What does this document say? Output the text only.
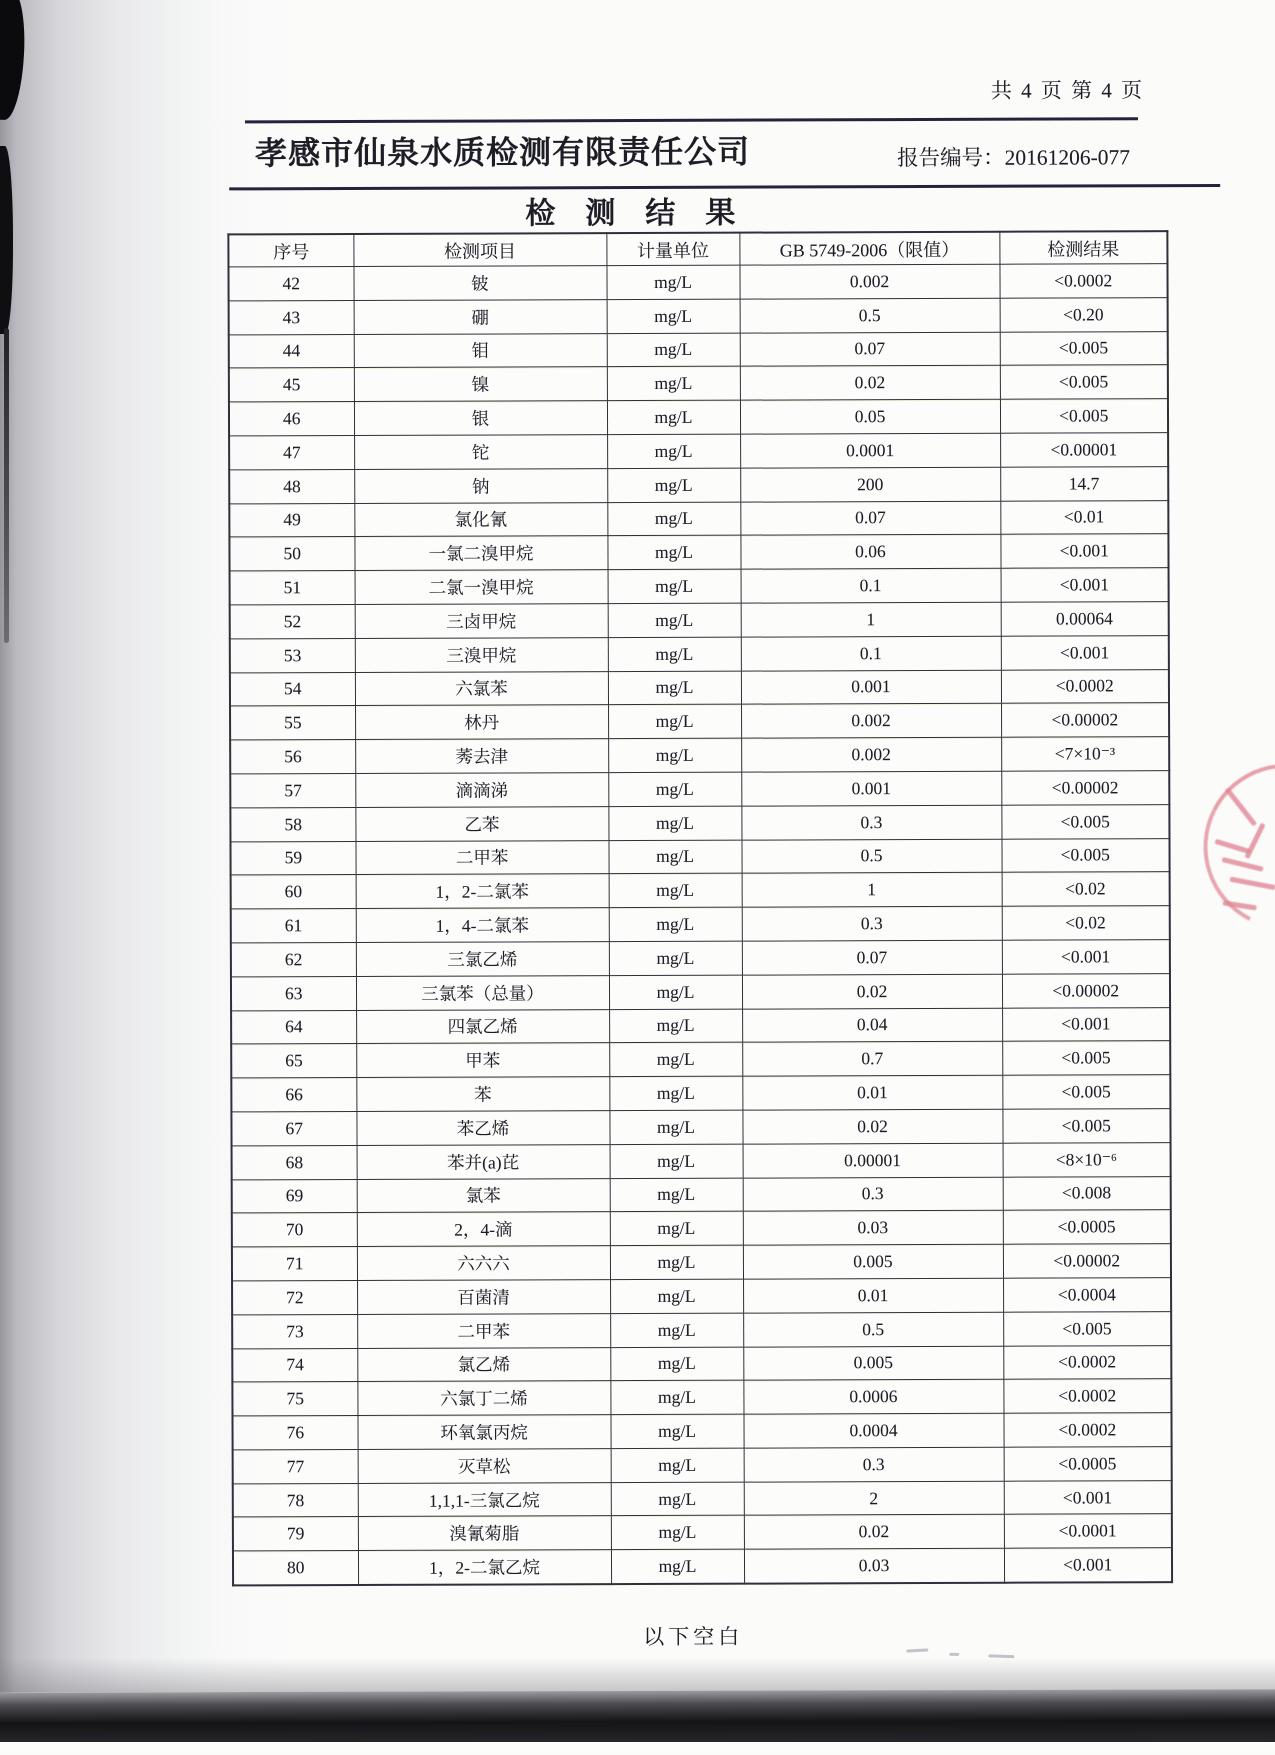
共 4 页 第 4 页
孝感市仙泉水质检测有限责任公司	报告编号：20161206-077
检测结果
序号	检测项目	计量单位	GB 5749-2006（限值）	检测结果
42	铍	mg/L	0.002	<0.0002
43	硼	mg/L	0.5	<0.20
44	钼	mg/L	0.07	<0.005
45	镍	mg/L	0.02	<0.005
46	银	mg/L	0.05	<0.005
47	铊	mg/L	0.0001	<0.00001
48	钠	mg/L	200	14.7
49	氯化氰	mg/L	0.07	<0.01
50	一氯二溴甲烷	mg/L	0.06	<0.001
51	二氯一溴甲烷	mg/L	0.1	<0.001
52	三卤甲烷	mg/L	1	0.00064
53	三溴甲烷	mg/L	0.1	<0.001
54	六氯苯	mg/L	0.001	<0.0002
55	林丹	mg/L	0.002	<0.00002
56	莠去津	mg/L	0.002	<7×10⁻³
57	滴滴涕	mg/L	0.001	<0.00002
58	乙苯	mg/L	0.3	<0.005
59	二甲苯	mg/L	0.5	<0.005
60	1，2-二氯苯	mg/L	1	<0.02
61	1，4-二氯苯	mg/L	0.3	<0.02
62	三氯乙烯	mg/L	0.07	<0.001
63	三氯苯（总量）	mg/L	0.02	<0.00002
64	四氯乙烯	mg/L	0.04	<0.001
65	甲苯	mg/L	0.7	<0.005
66	苯	mg/L	0.01	<0.005
67	苯乙烯	mg/L	0.02	<0.005
68	苯并(a)芘	mg/L	0.00001	<8×10⁻⁶
69	氯苯	mg/L	0.3	<0.008
70	2，4-滴	mg/L	0.03	<0.0005
71	六六六	mg/L	0.005	<0.00002
72	百菌清	mg/L	0.01	<0.0004
73	二甲苯	mg/L	0.5	<0.005
74	氯乙烯	mg/L	0.005	<0.0002
75	六氯丁二烯	mg/L	0.0006	<0.0002
76	环氧氯丙烷	mg/L	0.0004	<0.0002
77	灭草松	mg/L	0.3	<0.0005
78	1,1,1-三氯乙烷	mg/L	2	<0.001
79	溴氰菊脂	mg/L	0.02	<0.0001
80	1，2-二氯乙烷	mg/L	0.03	<0.001
以下空白
